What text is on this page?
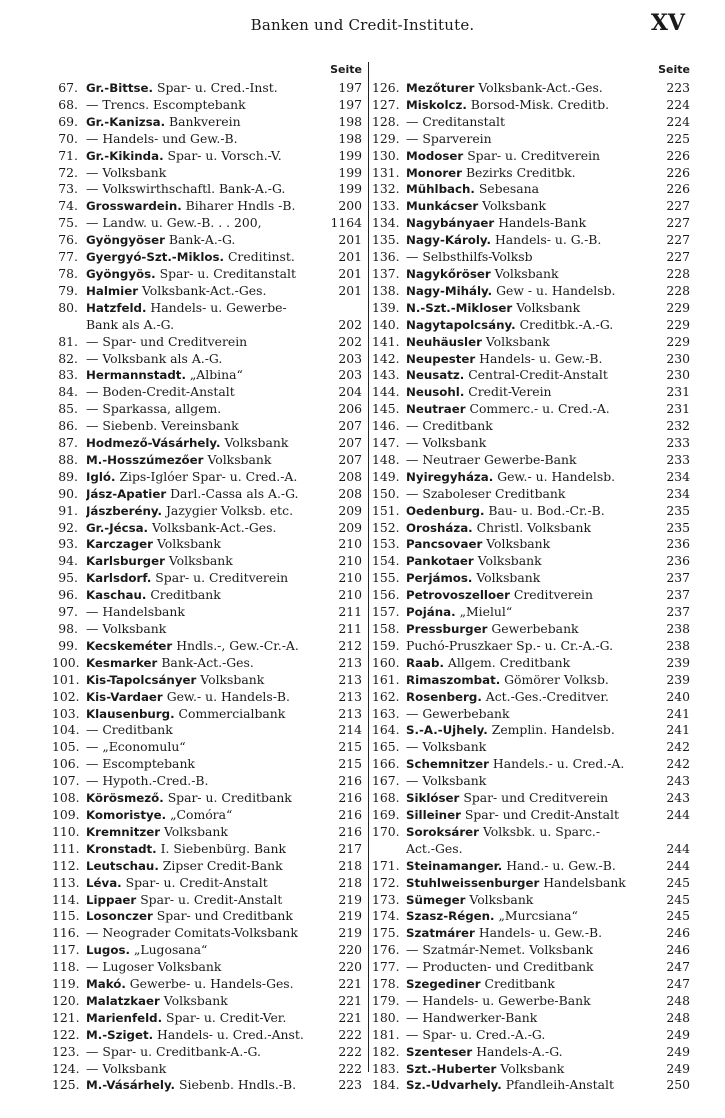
Banken und Credit-Institute.	XV
Seite
67. Gr.-Bittse. Spar- u. Cred.-Inst.	197
68. — Trencs. Escomptebank	197
69. Gr.-Kanizsa. Bankverein	198
70. — Handels- und Gew.-B.	198
71. Gr.-Kikinda. Spar- u. Vorsch.-V.	199
72. — Volksbank	199
73. — Volkswirthschaftl. Bank-A.-G.	199
74. Grosswardein. Biharer Hndls -B.	200
75. — Landw. u. Gew.-B. . . 200,	1164
76. Gyöngyöser Bank-A.-G.	201
77. Gyergyó-Szt.-Miklos. Creditinst.	201
78. Gyöngyös. Spar- u. Creditanstalt	201
79. Halmier Volksbank-Act.-Ges.	201
80. Hatzfeld. Handels- u. Gewerbe-
Bank als A.-G.	202
81. — Spar- und Creditverein	202
82. — Volksbank als A.-G.	203
83. Hermannstadt. „Albina“	203
84. — Boden-Credit-Anstalt	204
85. — Sparkassa, allgem.	206
86. — Siebenb. Vereinsbank	207
87. Hodmező-Vásárhely. Volksbank	207
88. M.-Hosszúmezőer Volksbank	207
89. Igló. Zips-Iglóer Spar- u. Cred.-A.	208
90. Jász-Apatier Darl.-Cassa als A.-G.	208
91. Jászberény. Jazygier Volksb. etc.	209
92. Gr.-Jécsa. Volksbank-Act.-Ges.	209
93. Karczager Volksbank	210
94. Karlsburger Volksbank	210
95. Karlsdorf. Spar- u. Creditverein	210
96. Kaschau. Creditbank	210
97. — Handelsbank	211
98. — Volksbank	211
99. Kecskeméter Hndls.-, Gew.-Cr.-A.	212
100. Kesmarker Bank-Act.-Ges.	213
101. Kis-Tapolcsányer Volksbank	213
102. Kis-Vardaer Gew.- u. Handels-B.	213
103. Klausenburg. Commercialbank	213
104. — Creditbank	214
105. — „Economulu“	215
106. — Escomptebank	215
107. — Hypoth.-Cred.-B.	216
108. Körösmező. Spar- u. Creditbank	216
109. Komoristye. „Comóra“	216
110. Kremnitzer Volksbank	216
111. Kronstadt. I. Siebenbürg. Bank	217
112. Leutschau. Zipser Credit-Bank	218
113. Léva. Spar- u. Credit-Anstalt	218
114. Lippaer Spar- u. Credit-Anstalt	219
115. Losonczer Spar- und Creditbank	219
116. — Neograder Comitats-Volksbank	219
117. Lugos. „Lugosana“	220
118. — Lugoser Volksbank	220
119. Makó. Gewerbe- u. Handels-Ges.	221
120. Malatzkaer Volksbank	221
121. Marienfeld. Spar- u. Credit-Ver.	221
122. M.-Sziget. Handels- u. Cred.-Anst.	222
123. — Spar- u. Creditbank-A.-G.	222
124. — Volksbank	222
125. M.-Vásárhely. Siebenb. Hndls.-B.	223
Seite
126. Mezőturer Volksbank-Act.-Ges.	223
127. Miskolcz. Borsod-Misk. Creditb.	224
128. — Creditanstalt	224
129. — Sparverein	225
130. Modoser Spar- u. Creditverein	226
131. Monorer Bezirks Creditbk.	226
132. Mühlbach. Sebesana	226
133. Munkácser Volksbank	227
134. Nagybányaer Handels-Bank	227
135. Nagy-Károly. Handels- u. G.-B.	227
136. — Selbsthilfs-Volksb	227
137. Nagykőröser Volksbank	228
138. Nagy-Mihály. Gew - u. Handelsb.	228
139. N.-Szt.-Mikloser Volksbank	229
140. Nagytapolcsány. Creditbk.-A.-G.	229
141. Neuhäusler Volksbank	229
142. Neupester Handels- u. Gew.-B.	230
143. Neusatz. Central-Credit-Anstalt	230
144. Neusohl. Credit-Verein	231
145. Neutraer Commerc.- u. Cred.-A.	231
146. — Creditbank	232
147. — Volksbank	233
148. — Neutraer Gewerbe-Bank	233
149. Nyiregyháza. Gew.- u. Handelsb.	234
150. — Szaboleser Creditbank	234
151. Oedenburg. Bau- u. Bod.-Cr.-B.	235
152. Orosháza. Christl. Volksbank	235
153. Pancsovaer Volksbank	236
154. Pankotaer Volksbank	236
155. Perjámos. Volksbank	237
156. Petrovoszelloer Creditverein	237
157. Pojána. „Mielul“	237
158. Pressburger Gewerbebank	238
159. Puchó-Pruszkaer Sp.- u. Cr.-A.-G.	238
160. Raab. Allgem. Creditbank	239
161. Rimaszombat. Gömörer Volksb.	239
162. Rosenberg. Act.-Ges.-Creditver.	240
163. — Gewerbebank	241
164. S.-A.-Ujhely. Zemplin. Handelsb.	241
165. — Volksbank	242
166. Schemnitzer Handels.- u. Cred.-A.	242
167. — Volksbank	243
168. Siklóser Spar- und Creditverein	243
169. Silleiner Spar- und Credit-Anstalt	244
170. Soroksárer Volksbk. u. Sparc.-
Act.-Ges.	244
171. Steinamanger. Hand.- u. Gew.-B.	244
172. Stuhlweissenburger Handelsbank	245
173. Sümeger Volksbank	245
174. Szasz-Régen. „Murcsiana“	245
175. Szatmárer Handels- u. Gew.-B.	246
176. — Szatmár-Nemet. Volksbank	246
177. — Producten- und Creditbank	247
178. Szegediner Creditbank	247
179. — Handels- u. Gewerbe-Bank	248
180. — Handwerker-Bank	248
181. — Spar- u. Cred.-A.-G.	249
182. Szenteser Handels-A.-G.	249
183. Szt.-Huberter Volksbank	249
184. Sz.-Udvarhely. Pfandleih-Anstalt	250
